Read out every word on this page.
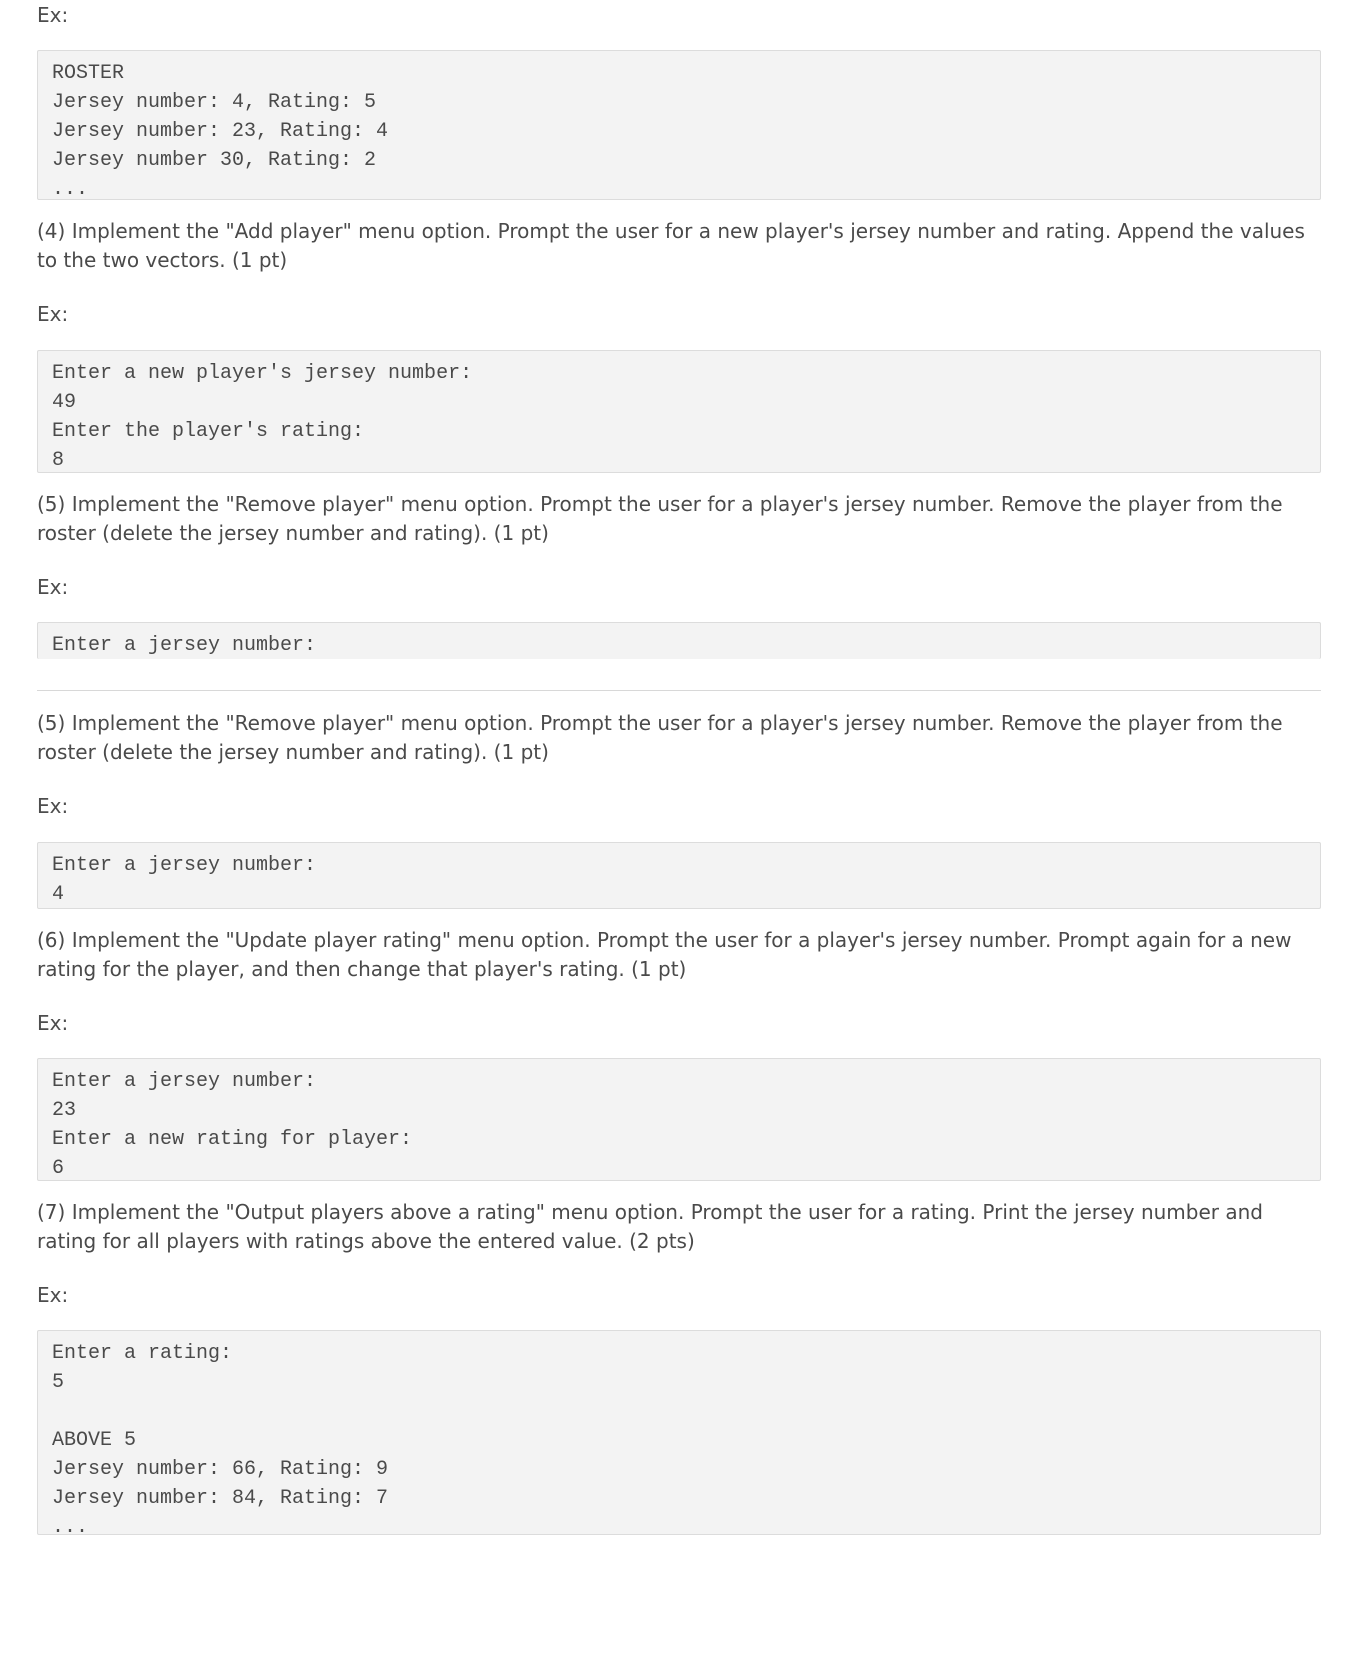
Ex:
ROSTER
Jersey number: 4, Rating: 5
Jersey number: 23, Rating: 4
Jersey number 30, Rating: 2
...
(4) Implement the "Add player" menu option. Prompt the user for a new player's jersey number and rating. Append the values to the two vectors. (1 pt)
Ex:
Enter a new player's jersey number:
49
Enter the player's rating:
8
(5) Implement the "Remove player" menu option. Prompt the user for a player's jersey number. Remove the player from the roster (delete the jersey number and rating). (1 pt)
Ex:
Enter a jersey number:
(5) Implement the "Remove player" menu option. Prompt the user for a player's jersey number. Remove the player from the roster (delete the jersey number and rating). (1 pt)
Ex:
Enter a jersey number:
4
(6) Implement the "Update player rating" menu option. Prompt the user for a player's jersey number. Prompt again for a new rating for the player, and then change that player's rating. (1 pt)
Ex:
Enter a jersey number:
23
Enter a new rating for player:
6
(7) Implement the "Output players above a rating" menu option. Prompt the user for a rating. Print the jersey number and rating for all players with ratings above the entered value. (2 pts)
Ex:
Enter a rating:
5
ABOVE 5
Jersey number: 66, Rating: 9
Jersey number: 84, Rating: 7
...
